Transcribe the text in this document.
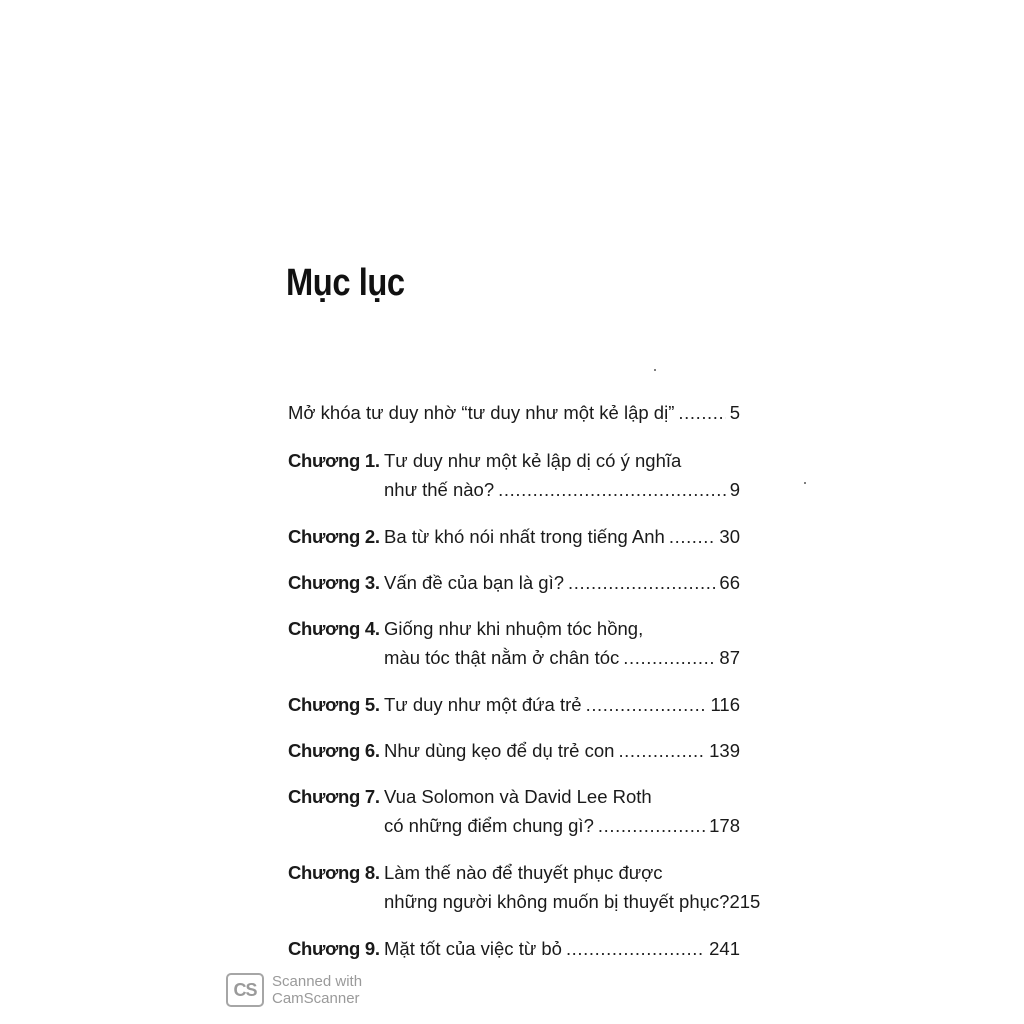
Mục lục
Mở khóa tư duy nhờ “tư duy như một kẻ lập dị” .....	5
Chương 1. Tư duy như một kẻ lập dị có ý nghĩa
như thế nào? .....	9
Chương 2. Ba từ khó nói nhất trong tiếng Anh .....	30
Chương 3. Vấn đề của bạn là gì? .....	66
Chương 4. Giống như khi nhuộm tóc hồng,
màu tóc thật nằm ở chân tóc .....	87
Chương 5. Tư duy như một đứa trẻ .....	116
Chương 6. Như dùng kẹo để dụ trẻ con .....	139
Chương 7. Vua Solomon và David Lee Roth
có những điểm chung gì? .....	178
Chương 8. Làm thế nào để thuyết phục được
những người không muốn bị thuyết phục? 215
Chương 9. Mặt tốt của việc từ bỏ .....	241
CS	Scanned with
CamScanner
